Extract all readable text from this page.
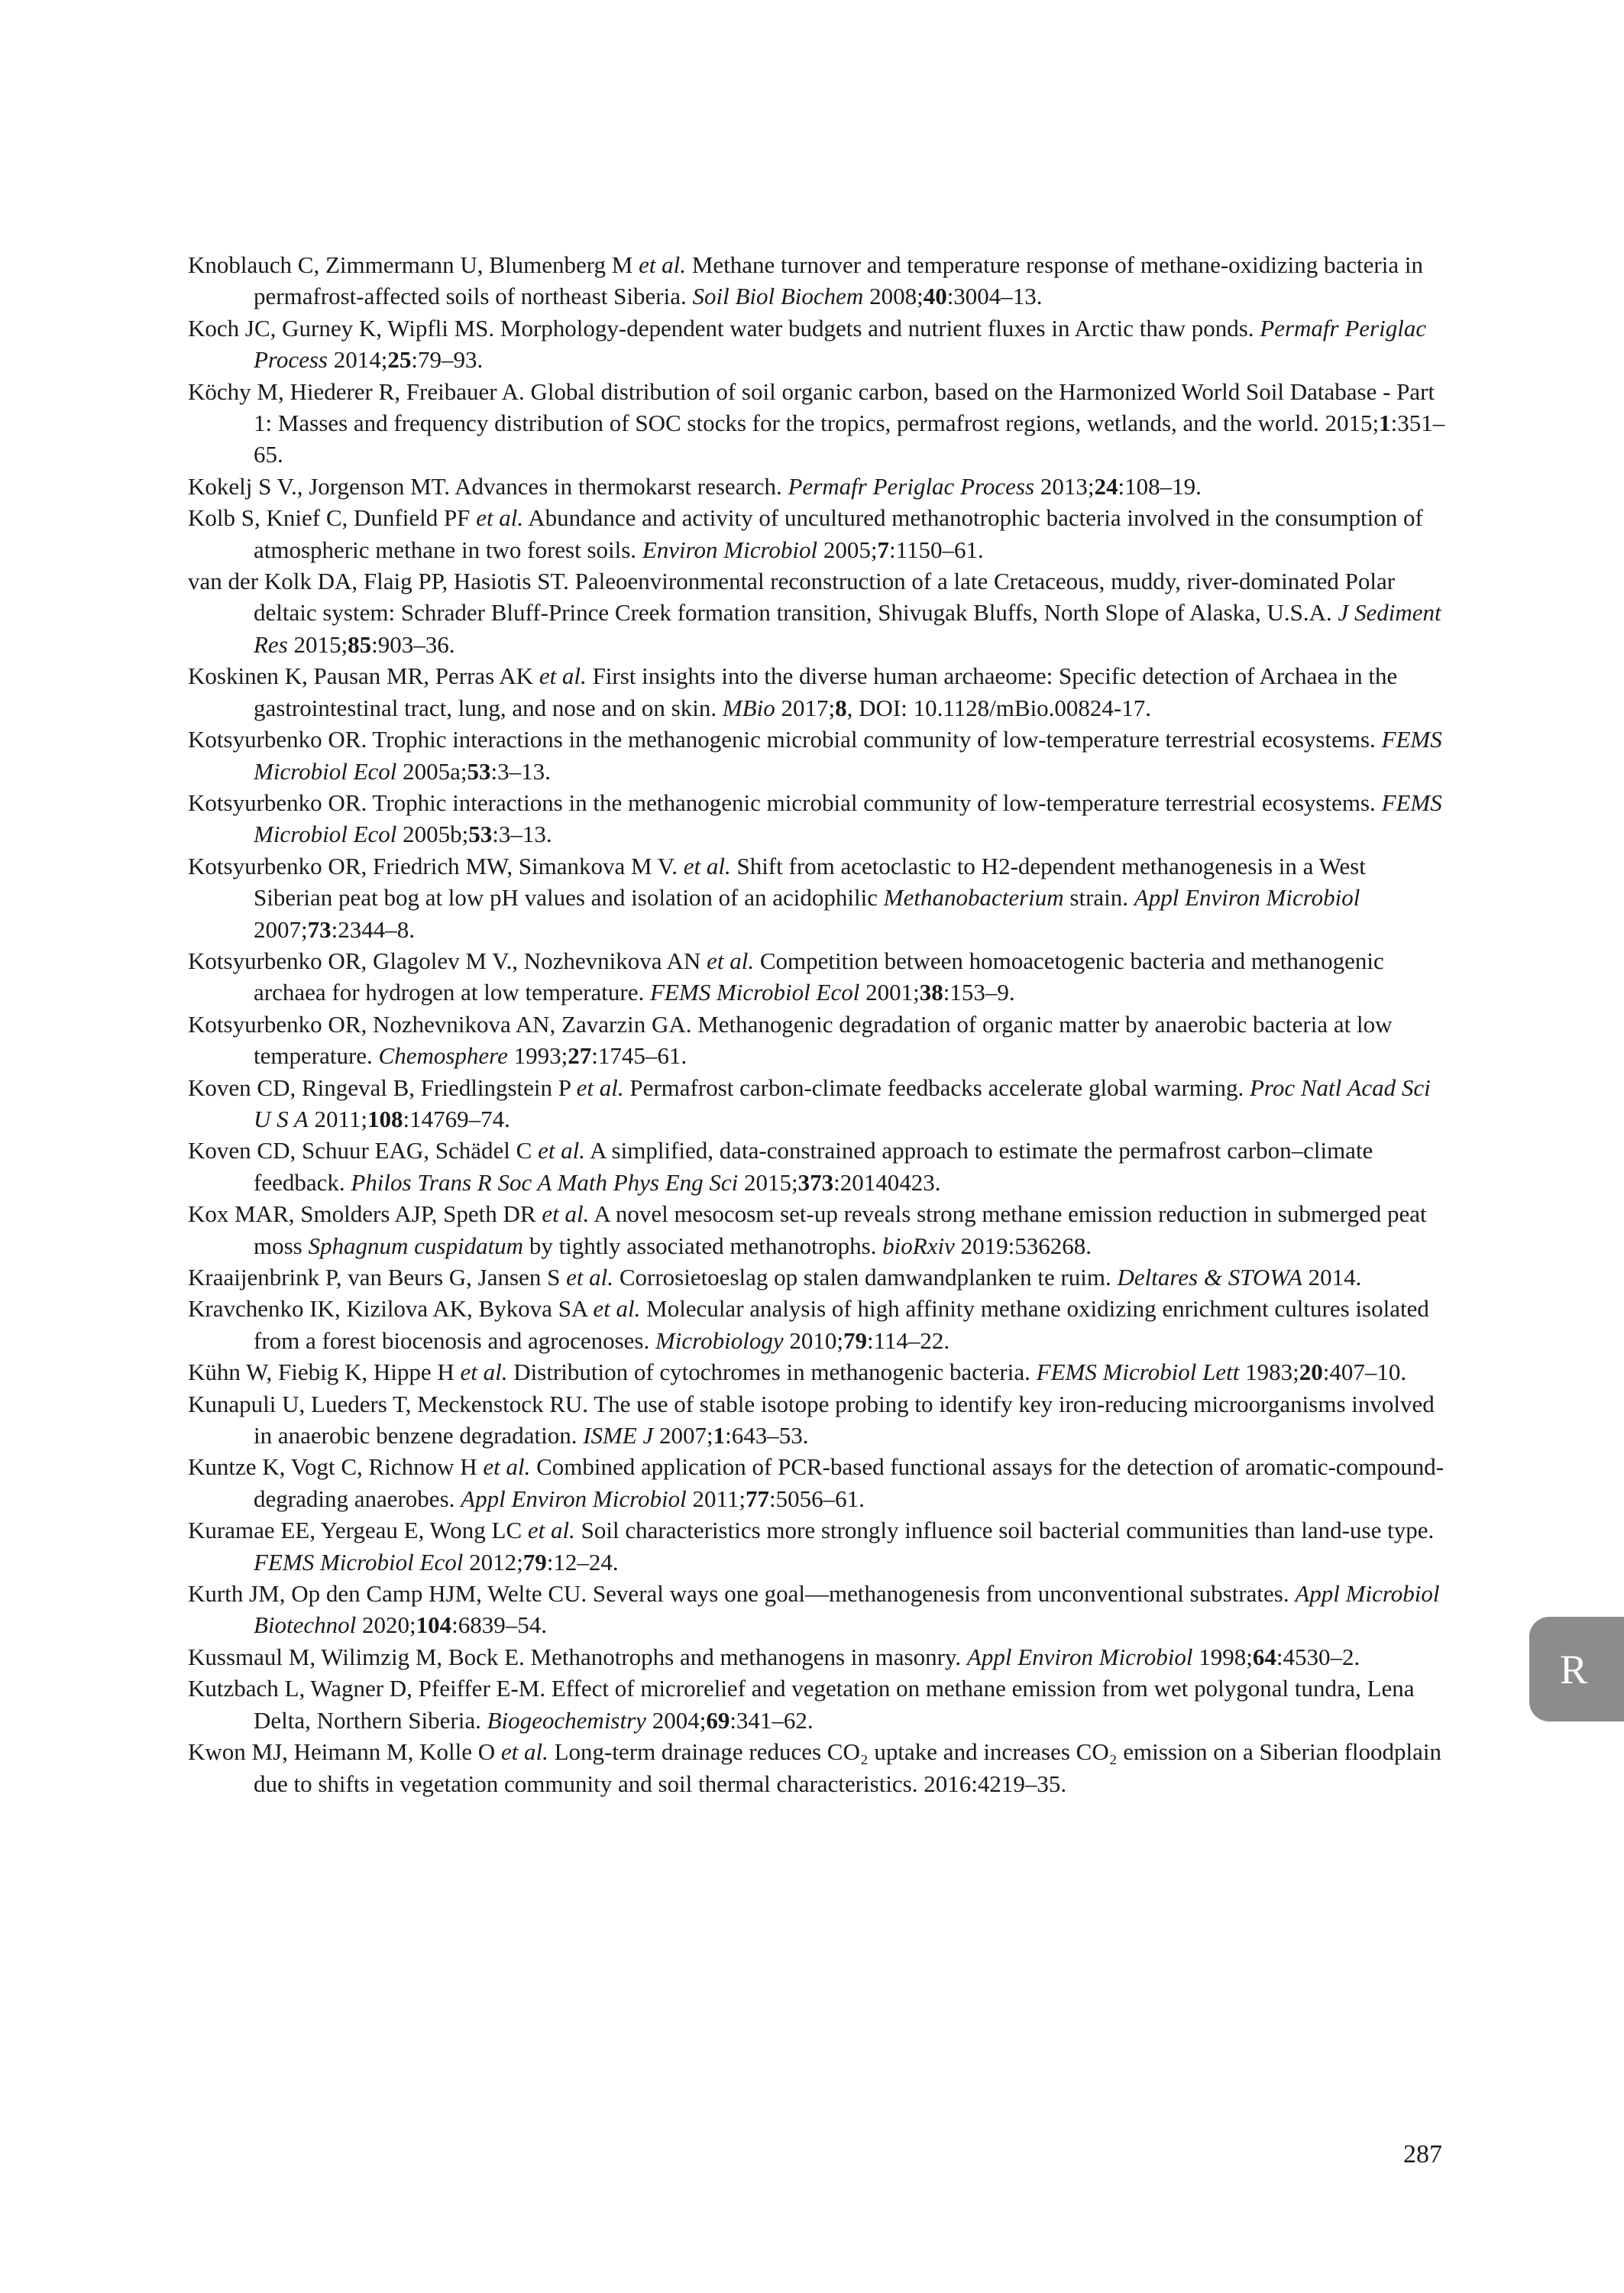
Knoblauch C, Zimmermann U, Blumenberg M et al. Methane turnover and temperature response of methane-oxidizing bacteria in permafrost-affected soils of northeast Siberia. Soil Biol Biochem 2008;40:3004–13.

Koch JC, Gurney K, Wipfli MS. Morphology-dependent water budgets and nutrient fluxes in Arctic thaw ponds. Permafr Periglac Process 2014;25:79–93.

Köchy M, Hiederer R, Freibauer A. Global distribution of soil organic carbon, based on the Harmonized World Soil Database - Part 1: Masses and frequency distribution of SOC stocks for the tropics, permafrost regions, wetlands, and the world. 2015;1:351–65.

Kokelj S V., Jorgenson MT. Advances in thermokarst research. Permafr Periglac Process 2013;24:108–19.

Kolb S, Knief C, Dunfield PF et al. Abundance and activity of uncultured methanotrophic bacteria involved in the consumption of atmospheric methane in two forest soils. Environ Microbiol 2005;7:1150–61.

van der Kolk DA, Flaig PP, Hasiotis ST. Paleoenvironmental reconstruction of a late Cretaceous, muddy, river-dominated Polar deltaic system: Schrader Bluff-Prince Creek formation transition, Shivugak Bluffs, North Slope of Alaska, U.S.A. J Sediment Res 2015;85:903–36.

Koskinen K, Pausan MR, Perras AK et al. First insights into the diverse human archaeome: Specific detection of Archaea in the gastrointestinal tract, lung, and nose and on skin. MBio 2017;8, DOI: 10.1128/mBio.00824-17.

Kotsyurbenko OR. Trophic interactions in the methanogenic microbial community of low-temperature terrestrial ecosystems. FEMS Microbiol Ecol 2005a;53:3–13.

Kotsyurbenko OR. Trophic interactions in the methanogenic microbial community of low-temperature terrestrial ecosystems. FEMS Microbiol Ecol 2005b;53:3–13.

Kotsyurbenko OR, Friedrich MW, Simankova M V. et al. Shift from acetoclastic to H2-dependent methanogenesis in a West Siberian peat bog at low pH values and isolation of an acidophilic Methanobacterium strain. Appl Environ Microbiol 2007;73:2344–8.

Kotsyurbenko OR, Glagolev M V., Nozhevnikova AN et al. Competition between homoacetogenic bacteria and methanogenic archaea for hydrogen at low temperature. FEMS Microbiol Ecol 2001;38:153–9.

Kotsyurbenko OR, Nozhevnikova AN, Zavarzin GA. Methanogenic degradation of organic matter by anaerobic bacteria at low temperature. Chemosphere 1993;27:1745–61.

Koven CD, Ringeval B, Friedlingstein P et al. Permafrost carbon-climate feedbacks accelerate global warming. Proc Natl Acad Sci U S A 2011;108:14769–74.

Koven CD, Schuur EAG, Schädel C et al. A simplified, data-constrained approach to estimate the permafrost carbon–climate feedback. Philos Trans R Soc A Math Phys Eng Sci 2015;373:20140423.

Kox MAR, Smolders AJP, Speth DR et al. A novel mesocosm set-up reveals strong methane emission reduction in submerged peat moss Sphagnum cuspidatum by tightly associated methanotrophs. bioRxiv 2019:536268.

Kraaijenbrink P, van Beurs G, Jansen S et al. Corrosietoeslag op stalen damwandplanken te ruim. Deltares & STOWA 2014.

Kravchenko IK, Kizilova AK, Bykova SA et al. Molecular analysis of high affinity methane oxidizing enrichment cultures isolated from a forest biocenosis and agrocenoses. Microbiology 2010;79:114–22.

Kühn W, Fiebig K, Hippe H et al. Distribution of cytochromes in methanogenic bacteria. FEMS Microbiol Lett 1983;20:407–10.

Kunapuli U, Lueders T, Meckenstock RU. The use of stable isotope probing to identify key iron-reducing microorganisms involved in anaerobic benzene degradation. ISME J 2007;1:643–53.

Kuntze K, Vogt C, Richnow H et al. Combined application of PCR-based functional assays for the detection of aromatic-compound-degrading anaerobes. Appl Environ Microbiol 2011;77:5056–61.

Kuramae EE, Yergeau E, Wong LC et al. Soil characteristics more strongly influence soil bacterial communities than land-use type. FEMS Microbiol Ecol 2012;79:12–24.

Kurth JM, Op den Camp HJM, Welte CU. Several ways one goal—methanogenesis from unconventional substrates. Appl Microbiol Biotechnol 2020;104:6839–54.

Kussmaul M, Wilimzig M, Bock E. Methanotrophs and methanogens in masonry. Appl Environ Microbiol 1998;64:4530–2.

Kutzbach L, Wagner D, Pfeiffer E-M. Effect of microrelief and vegetation on methane emission from wet polygonal tundra, Lena Delta, Northern Siberia. Biogeochemistry 2004;69:341–62.

Kwon MJ, Heimann M, Kolle O et al. Long-term drainage reduces CO₂ uptake and increases CO₂ emission on a Siberian floodplain due to shifts in vegetation community and soil thermal characteristics. 2016:4219–35.

R
287
